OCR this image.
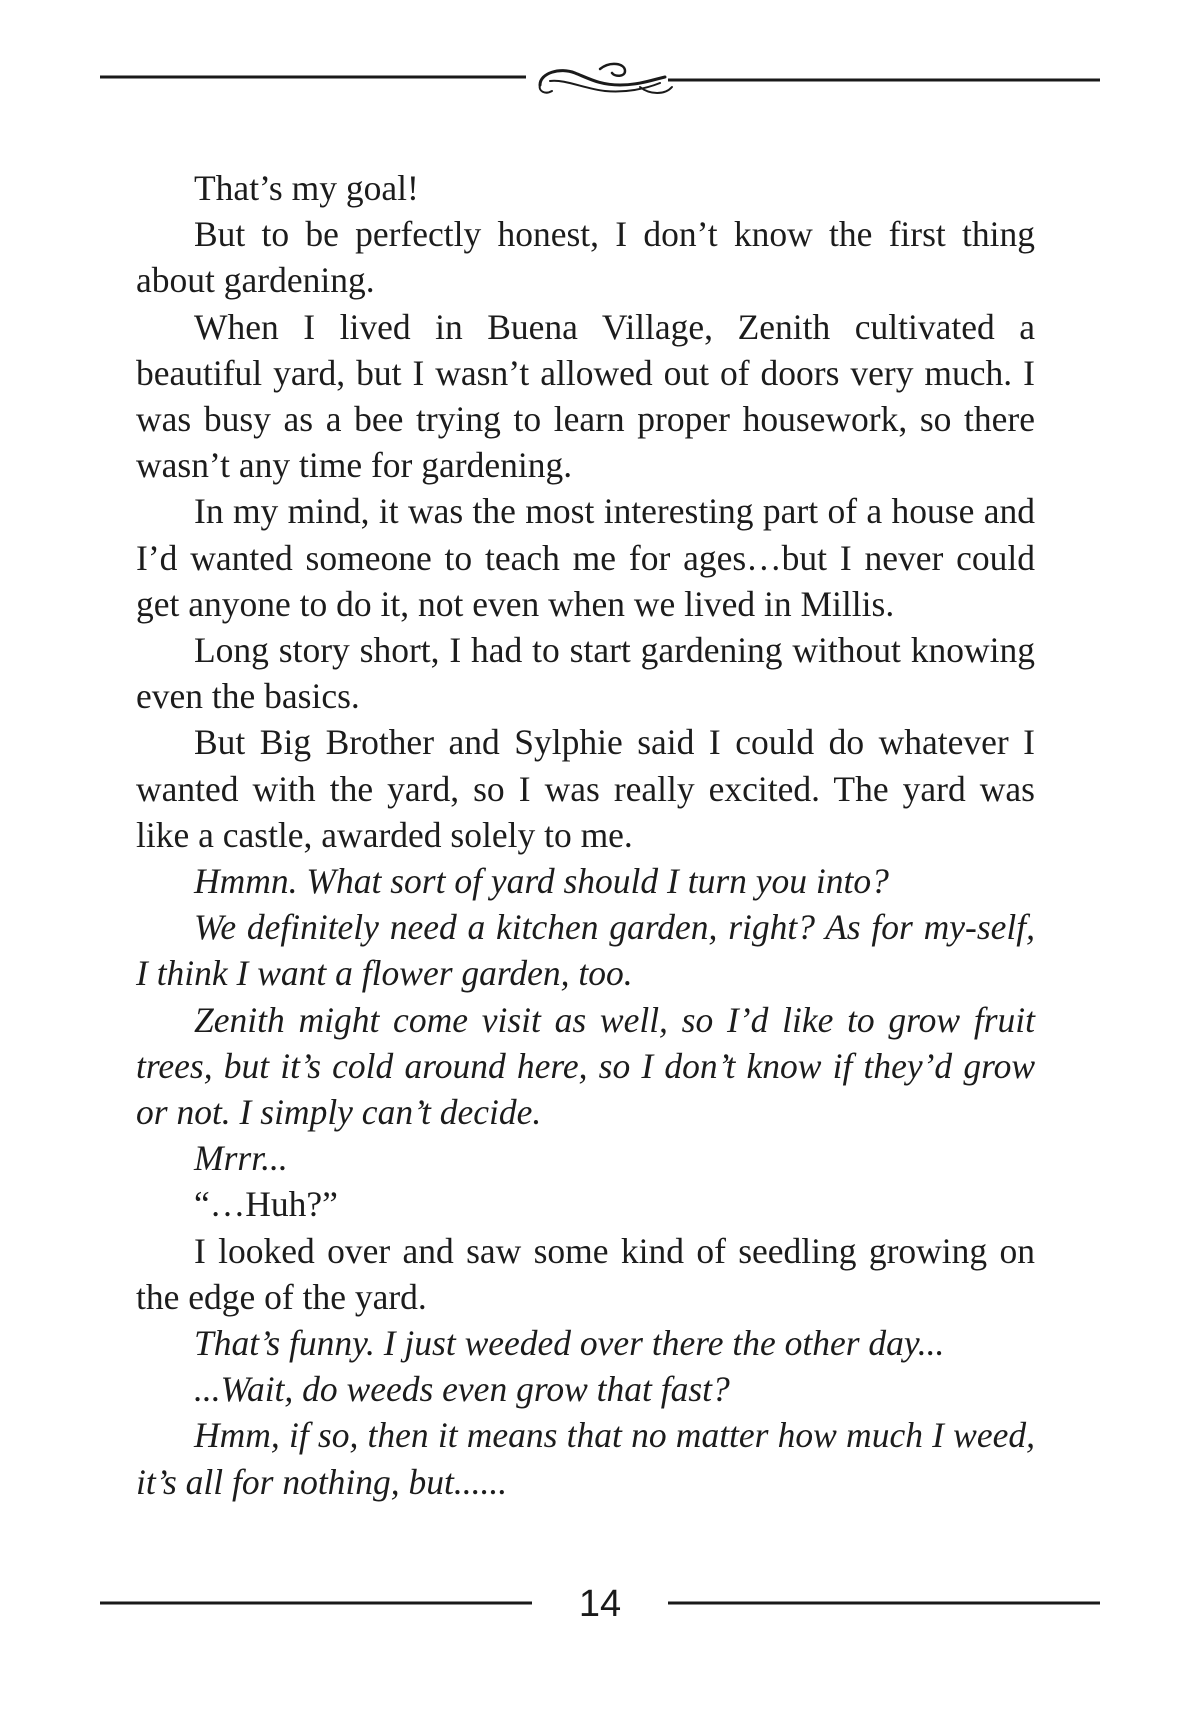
That’s my goal!

But to be perfectly honest, I don’t know the first thing about gardening.

When I lived in Buena Village, Zenith cultivated a beautiful yard, but I wasn’t allowed out of doors very much. I was busy as a bee trying to learn proper housework, so there wasn’t any time for gardening.

In my mind, it was the most interesting part of a house and I’d wanted someone to teach me for ages…but I never could get anyone to do it, not even when we lived in Millis.

Long story short, I had to start gardening without knowing even the basics.

But Big Brother and Sylphie said I could do whatever I wanted with the yard, so I was really excited. The yard was like a castle, awarded solely to me.

Hmmn. What sort of yard should I turn you into?

We definitely need a kitchen garden, right? As for my-self, I think I want a flower garden, too.

Zenith might come visit as well, so I’d like to grow fruit trees, but it’s cold around here, so I don’t know if they’d grow or not. I simply can’t decide.

Mrrr...

“…Huh?”

I looked over and saw some kind of seedling growing on the edge of the yard.

That’s funny. I just weeded over there the other day...

...Wait, do weeds even grow that fast?

Hmm, if so, then it means that no matter how much I weed, it’s all for nothing, but......

14
